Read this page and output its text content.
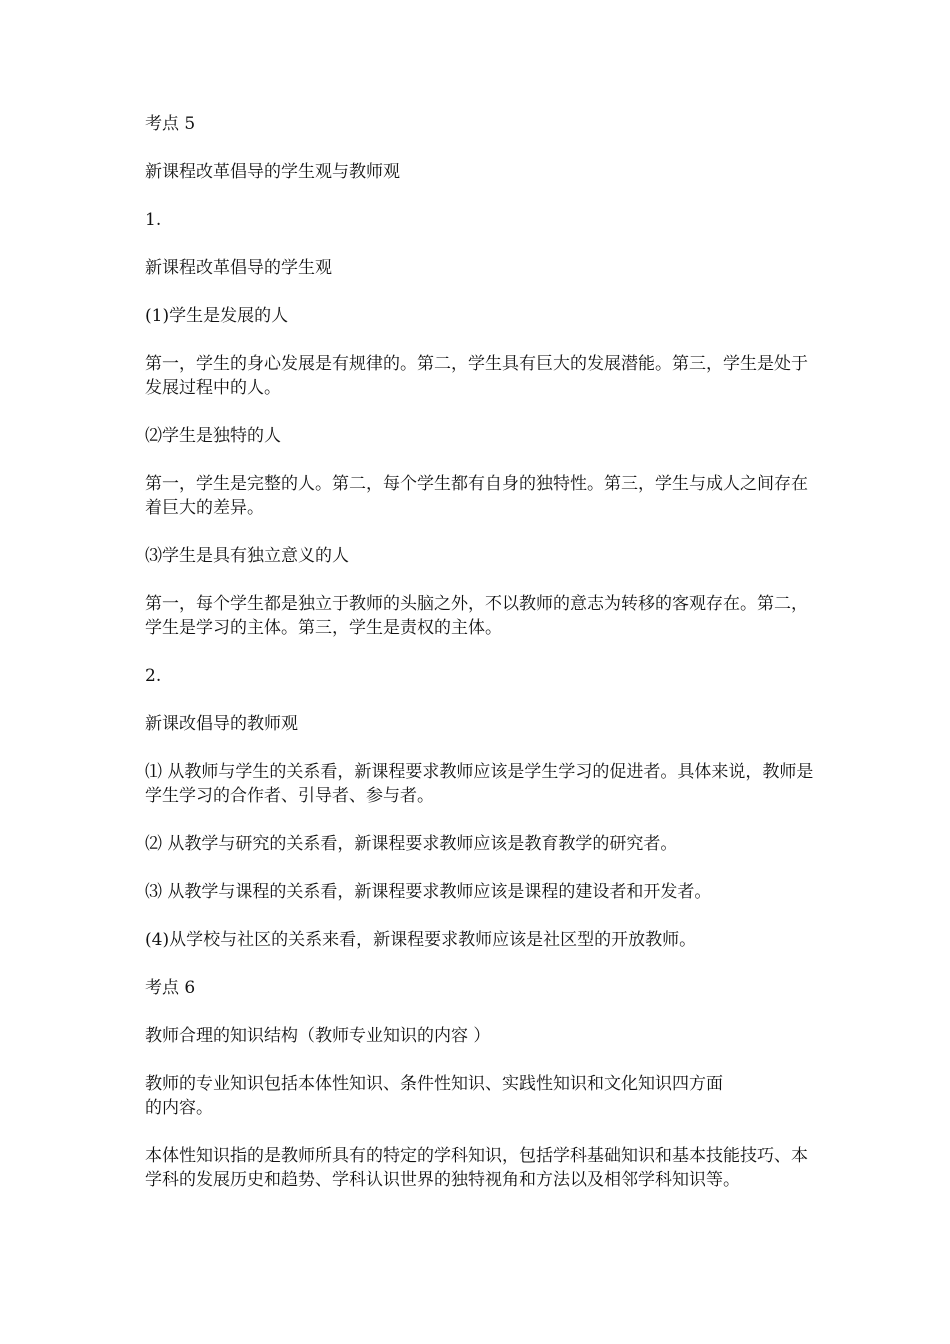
考点 5

新课程改革倡导的学生观与教师观

1.

新课程改革倡导的学生观

(1)学生是发展的人

第一，学生的身心发展是有规律的。第二，学生具有巨大的发展潜能。第三，学生是处于发展过程中的人。

⑵学生是独特的人

第一，学生是完整的人。第二，每个学生都有自身的独特性。第三，学生与成人之间存在着巨大的差异。

⑶学生是具有独立意义的人

第一，每个学生都是独立于教师的头脑之外，不以教师的意志为转移的客观存在。第二，学生是学习的主体。第三，学生是责权的主体。

2.

新课改倡导的教师观

⑴ 从教师与学生的关系看，新课程要求教师应该是学生学习的促进者。具体来说，教师是学生学习的合作者、引导者、参与者。

⑵ 从教学与研究的关系看，新课程要求教师应该是教育教学的研究者。

⑶ 从教学与课程的关系看，新课程要求教师应该是课程的建设者和开发者。

(4)从学校与社区的关系来看，新课程要求教师应该是社区型的开放教师。

考点 6

教师合理的知识结构（教师专业知识的内容 ）

教师的专业知识包括本体性知识、条件性知识、实践性知识和文化知识四方面
的内容。

本体性知识指的是教师所具有的特定的学科知识，包括学科基础知识和基本技能技巧、本学科的发展历史和趋势、学科认识世界的独特视角和方法以及相邻学科知识等。
